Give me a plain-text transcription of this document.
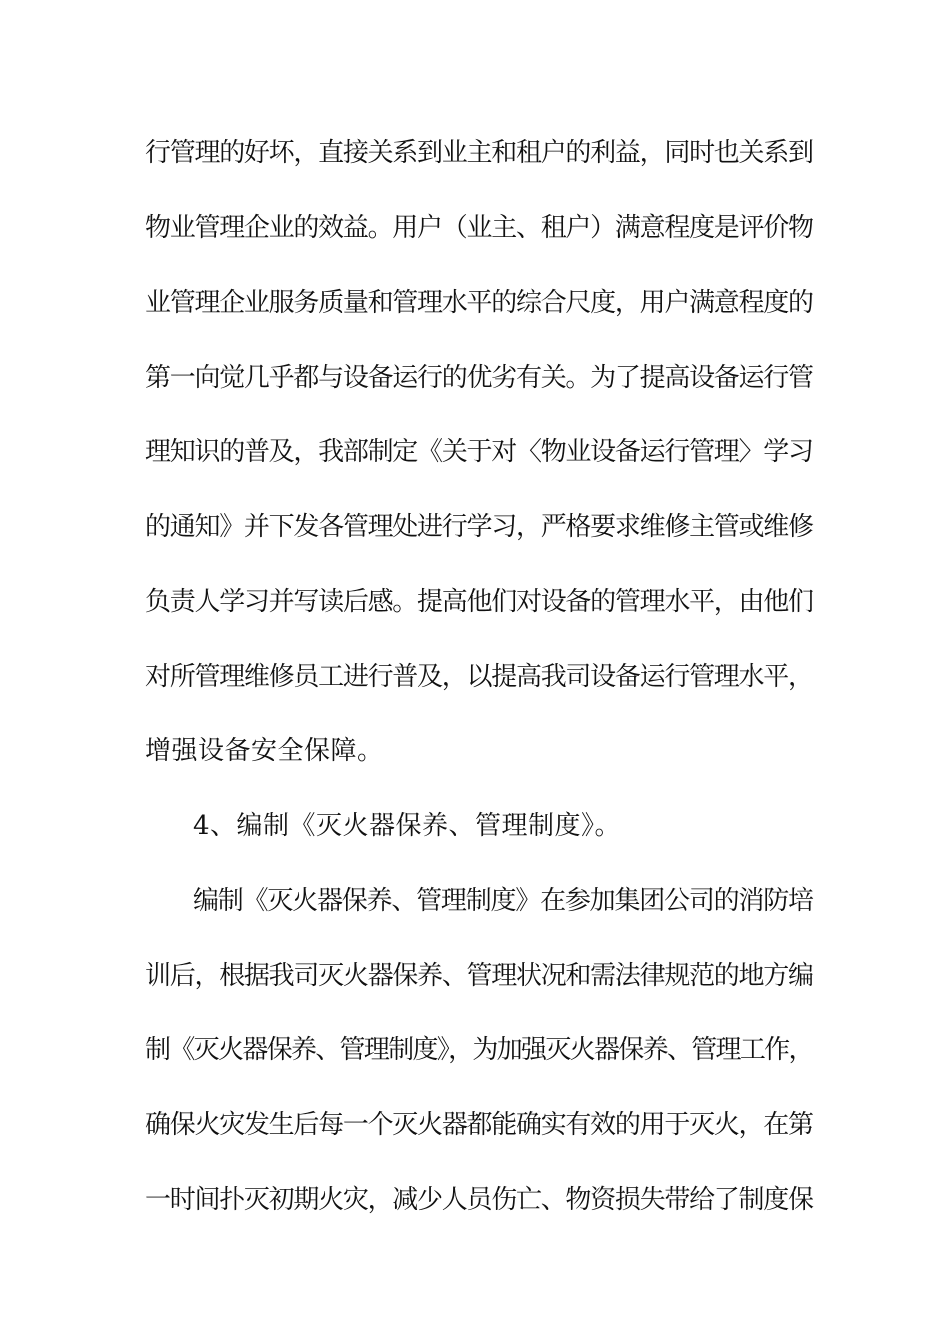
行管理的好坏，直接关系到业主和租户的利益，同时也关系到
物业管理企业的效益。用户（业主、租户）满意程度是评价物
业管理企业服务质量和管理水平的综合尺度，用户满意程度的
第一向觉几乎都与设备运行的优劣有关。为了提高设备运行管
理知识的普及，我部制定《关于对〈物业设备运行管理〉学习
的通知》并下发各管理处进行学习，严格要求维修主管或维修
负责人学习并写读后感。提高他们对设备的管理水平，由他们
对所管理维修员工进行普及，以提高我司设备运行管理水平，
增强设备安全保障。
4、编制《灭火器保养、管理制度》。
编制《灭火器保养、管理制度》在参加集团公司的消防培
训后，根据我司灭火器保养、管理状况和需法律规范的地方编
制《灭火器保养、管理制度》，为加强灭火器保养、管理工作，
确保火灾发生后每一个灭火器都能确实有效的用于灭火，在第
一时间扑灭初期火灾，减少人员伤亡、物资损失带给了制度保
